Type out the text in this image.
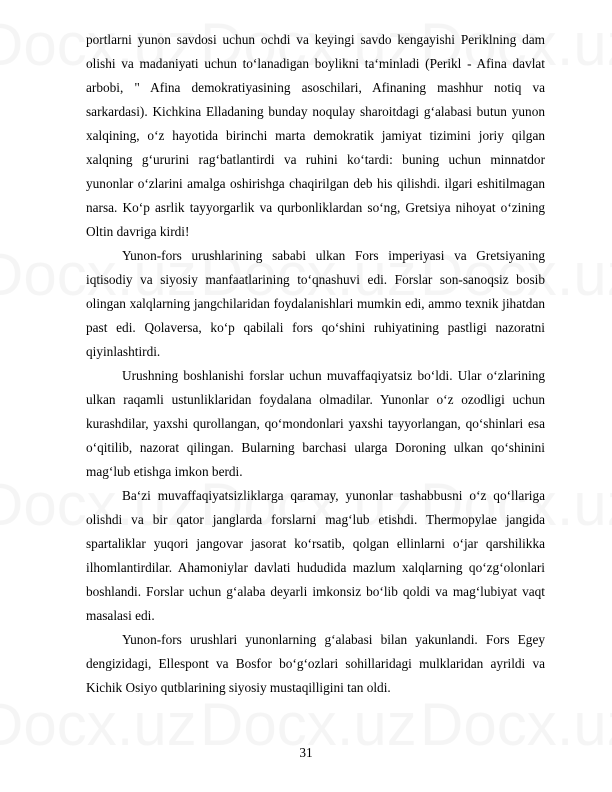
portlarni yunon savdosi uchun ochdi va keyingi savdo kengayishi Periklning dam olishi va madaniyati uchun to‘lanadigan boylikni ta‘minladi (Perikl - Afina davlat arbobi, " Afina demokratiyasining asoschilari, Afinaning mashhur notiq va sarkardasi). Kichkina Elladaning bunday noqulay sharoitdagi g‘alabasi butun yunon xalqining, o‘z hayotida birinchi marta demokratik jamiyat tizimini joriy qilgan xalqning g‘ururini rag‘batlantirdi va ruhini ko‘tardi: buning uchun minnatdor yunonlar o‘zlarini amalga oshirishga chaqirilgan deb his qilishdi. ilgari eshitilmagan narsa. Ko‘p asrlik tayyorgarlik va qurbonliklardan so‘ng, Gretsiya nihoyat o‘zining Oltin davriga kirdi!

Yunon-fors urushlarining sababi ulkan Fors imperiyasi va Gretsiyaning iqtisodiy va siyosiy manfaatlarining to‘qnashuvi edi. Forslar son-sanoqsiz bosib olingan xalqlarning jangchilaridan foydalanishlari mumkin edi, ammo texnik jihatdan past edi. Qolaversa, ko‘p qabilali fors qo‘shini ruhiyatining pastligi nazoratni qiyinlashtirdi.

Urushning boshlanishi forslar uchun muvaffaqiyatsiz bo‘ldi. Ular o‘zlarining ulkan raqamli ustunliklaridan foydalana olmadilar. Yunonlar o‘z ozodligi uchun kurashdilar, yaxshi qurollangan, qo‘mondonlari yaxshi tayyorlangan, qo‘shinlari esa o‘qitilib, nazorat qilingan. Bularning barchasi ularga Doroning ulkan qo‘shinini mag‘lub etishga imkon berdi.

Ba‘zi muvaffaqiyatsizliklarga qaramay, yunonlar tashabbusni o‘z qo‘llariga olishdi va bir qator janglarda forslarni mag‘lub etishdi. Thermopylae jangida spartaliklar yuqori jangovar jasorat ko‘rsatib, qolgan ellinlarni o‘jar qarshilikka ilhomlantirdilar. Ahamoniylar davlati hududida mazlum xalqlarning qo‘zg‘olonlari boshlandi. Forslar uchun g‘alaba deyarli imkonsiz bo‘lib qoldi va mag‘lubiyat vaqt masalasi edi.

Yunon-fors urushlari yunonlarning g‘alabasi bilan yakunlandi. Fors Egey dengizidagi, Ellespont va Bosfor bo‘g‘ozlari sohillaridagi mulklaridan ayrildi va Kichik Osiyo qutblarining siyosiy mustaqilligini tan oldi.

31
